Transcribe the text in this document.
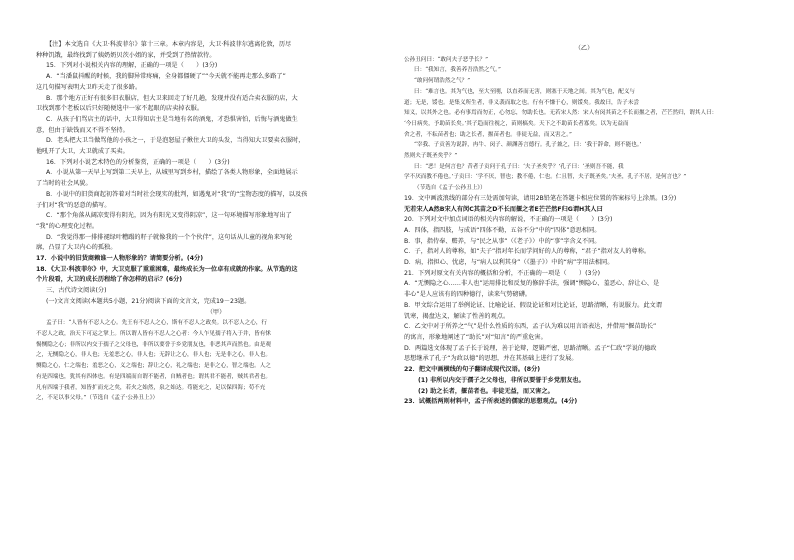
【注】本文选自《大卫·科波菲尔》第十三章。本章内容是，大卫·科波菲尔逃离伦敦，历尽
种种饥饿，最终找到了姨奶奶贝茨小姐的家，并受到了热情款待。
15．下列对小说相关内容的理解，正确的一项是（　　）(3分)
A．“当潘鼠抖醒的时候，我的脚异常疼痛，全身都僵硬了”“今天就不能再走那么多路了”
这几句描写表明大卫昨天走了很多路。
B．那个地方正好有很多旧衣服店，但大卫来回走了好几趟，发现并没有适合卖衣服的店，大
卫找到那个老板以后只好随便选中一家不起眼的店卖掉衣服。
C．从孩子们骂店主的话中，大卫得知店主是当地有名的酒鬼，才恐惧害怕，后悔与酒鬼做生
意，但由于缺钱而又不得不坚持。
D．老头把大卫当做骂他的小孩之一，于是泡怒屋子揪住大卫的头发，当得知大卫要卖衣服时，
他吼开了大卫，大卫就成了买卖。
16．下列对小说艺术特色的分析鉴赏，正确的一项是（　　）(3分)
A．小说从第一天早上写到第二天早上，从城里写到乡村，描绘了各类人物形象，全面地展示
了当时的社会风貌。
B．小说中的旧货商起初答着对当时社会现实的批判，如遇鬼对“我”的“宝物态度的描写，以及孩
子们对“我”的恶意的描写。
C．“那个角落从阔凉变得有阴光，因为有阳光又变得阴凉”，这一句环境描写形象地写出了
“我”的心理变化过程。
D．“我觉得那一排排褪绿叶糟蹋的籽子就像我的一个个伙伴”，这句话从儿童的视角来写轮
廓，凸显了大卫内心的孤独。
17．小说中的旧货商赖谁一人物形象的？请简要分析。(4分)
18．《大卫·科波菲尔》中，大卫克服了重重困难，最终成长为一位卓有成就的作家。从节选的这
个片段看，大卫的成长历程给了你怎样的启示？(6分)
三、古代诗文阅读(分)
(一)文言文阅读(本题共5小题，21分)阅读下面的文言文，完成19－23题。
（甲）
孟子曰：“人皆有不忍人之心。先王有不忍人之心，斯有不忍人之政矣。以不忍人之心，行
不忍人之政，治天下可运之掌上。所以谓人皆有不忍人之心者：今人乍见孺子将入于井，皆有怵
惕恻隐之心；非所以内交于孺子之父母也，非所以要誉于乡党朋友也，非恶其声而然也。由是观
之，无恻隐之心，非人也；无羞恶之心，非人也；无辞让之心，非人也；无是非之心，非人也。
恻隐之心，仁之端也；羞恶之心，义之端也；辞让之心，礼之端也；是非之心，智之端也。人之
有是四端也，犹其有四体也。有是四端而自谓不能者，自贼者也；谓其君不能者，贼其君者也。
凡有四端于我者，知皆扩而充之矣，若火之始然，泉之始达。苟能充之，足以保四海；苟不充
之，不足以事父母。”（节选自《孟子·公孙丑上》）
（乙）
公孙丑问曰：“敢问夫子恶乎长？”
曰：“我知言，我善养吾浩然之气。”
“敢问何谓浩然之气？”
曰：“难言也。其为气也，至大至刚，以直养而无害，则塞于天地之间。其为气也，配义与
道；无是，馁也。是集义所生者，非义袭而取之也。行有不慊于心，则馁矣。我故曰，告子未尝
知义，以其外之也。必有事焉而勿正，心勿忘，勿助长也。无若宋人然：宋人有闵其苗之不长而揠之者，芒芒然归，谓其人曰：
‘今日病矣，予助苗长矣。’其子趋而往视之，苗则槁矣。天下之不助苗长者寡矣。以为无益而
舍之者，不耘苗者也；助之长者，揠苗者也。非徒无益，而又害之。”
“宰我、子贡善为说辞，冉牛、闵子、颜渊善言德行。孔子兼之，曰：‘我于辞命，则不能也。’
然则夫子既圣矣乎？”
曰：“恶！是何言也？昔者子贡问于孔子曰：‘夫子圣矣乎？’孔子曰：‘圣则吾不能，我
学不厌而教不倦也。’子贡曰：‘学不厌，智也；教不倦，仁也。仁且智，夫子既圣矣。’夫圣，孔子不居，是何言也？”
（节选自《孟子·公孙丑上》）
19．文中画波浪线的部分有三处需加句读，请用2B铅笔在答题卡相应位置的答案标号上涂黑。(3分)
无若宋人A然B宋人有闵C其苗之D不长而揠之者E芒芒然F归G谓H其人曰
20．下列对文中加点词语的相关内容的解说，不正确的一项是（　　）(3分)
A．四体，指四肢，与成语“四体不勤，五谷不分”中的“四体”意思相同。
B．事，指侍奉、赡养，与“民之从事”（《老子》）中的“事”字含义不同。
C．子，指对人的尊称，如“夫子”指对年长而学问好的人的尊称，“君子”指对友人的尊称。
D．病，指担心、忧虑，与“病人以利其身”（《墨子》）中的“病”字用法相同。
21．下列对原文有关内容的概括和分析，不正确的一项是（　　）(3分)
A．“无恻隐之心……非人也”运用排比和反复的修辞手法，强调“恻隐心、羞恶心、辞让心、是
非心”是人应该有的四种德行，读来气势磅礴。
B．甲文综合运用了举例论证、比喻论证、假设论证和对比论证，思路清晰，有说服力。此文谓
饥寒，揭盘达义，解读了性善的观点。
C．乙文中对于所养之“气”是什么性质的东西，孟子认为难以用言语表达，并借用“揠苗助长”
的寓言，形象地阐述了“助长”对“知言”的严重危害。
D．两篇选文体现了孟子长于说理，善于论辩，逻辑严密，思路清晰。孟子“仁政”学说的德政
思想继承了孔子“为政以德”的思想，并在其基础上进行了发展。
22．把文中画横线的句子翻译成现代汉语。(8分)
(1) 非所以内交于孺子之父母也，非所以要誉于乡党朋友也。
(2) 助之长者，揠苗者也。非徒无益，而又害之。
23．试概括两则材料中，孟子所表述的儒家的思想观点。(4分)
